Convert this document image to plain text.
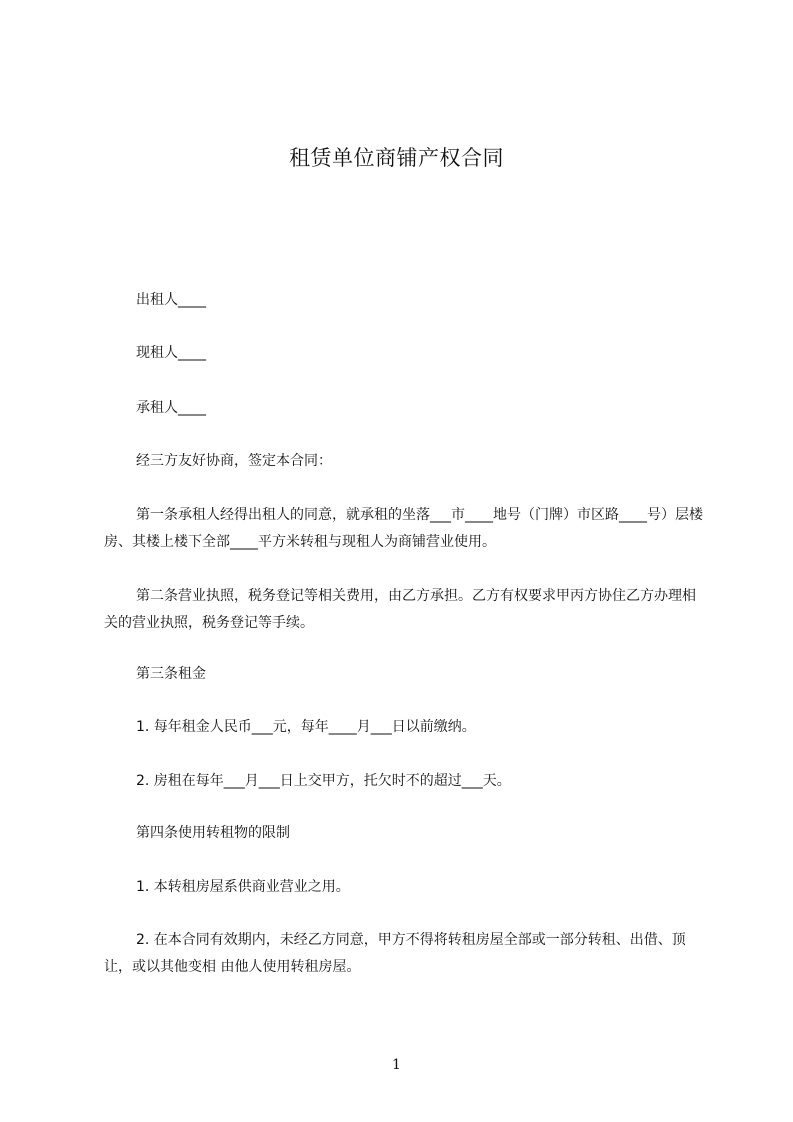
租赁单位商铺产权合同
出租人____
现租人____
承租人____
经三方友好协商，签定本合同：
第一条承租人经得出租人的同意，就承租的坐落___市____地号（门牌）市区路____号）层楼房、其楼上楼下全部____平方米转租与现租人为商铺营业使用。
第二条营业执照，税务登记等相关费用，由乙方承担。乙方有权要求甲丙方协住乙方办理相关的营业执照，税务登记等手续。
第三条租金
1. 每年租金人民币___元，每年____月___日以前缴纳。
2. 房租在每年___月___日上交甲方，托欠时不的超过___天。
第四条使用转租物的限制
1. 本转租房屋系供商业营业之用。
2. 在本合同有效期内，未经乙方同意，甲方不得将转租房屋全部或一部分转租、出借、顶让，或以其他变相 由他人使用转租房屋。
1
